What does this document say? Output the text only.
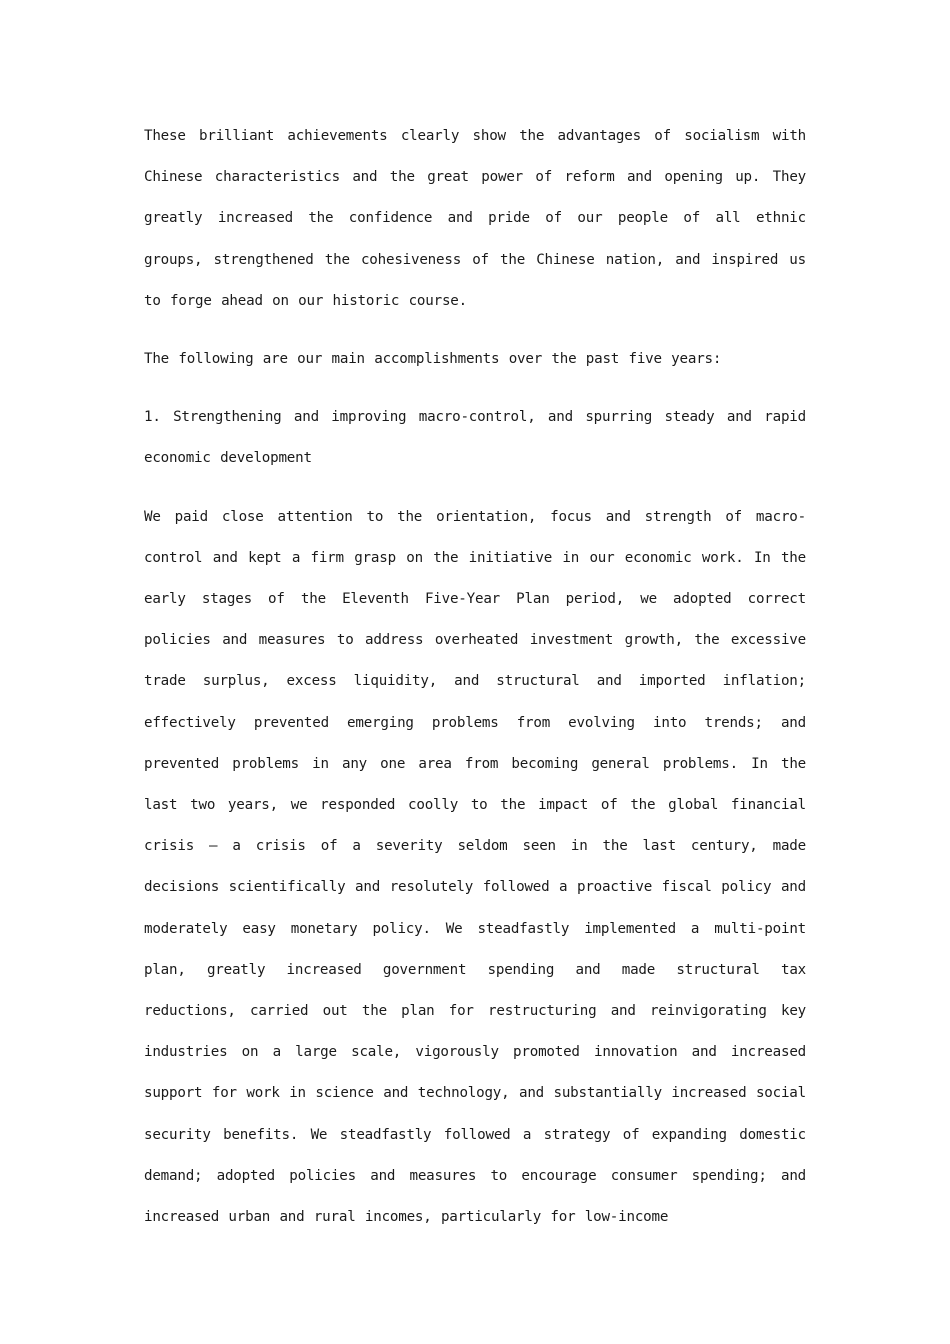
These brilliant achievements clearly show the advantages of socialism with Chinese characteristics and the great power of reform and opening up. They greatly increased the confidence and pride of our people of all ethnic groups, strengthened the cohesiveness of the Chinese nation, and inspired us to forge ahead on our historic course.

The following are our main accomplishments over the past five years:

1. Strengthening and improving macro-control, and spurring steady and rapid economic development

We paid close attention to the orientation, focus and strength of macro-control and kept a firm grasp on the initiative in our economic work. In the early stages of the Eleventh Five-Year Plan period, we adopted correct policies and measures to address overheated investment growth, the excessive trade surplus, excess liquidity, and structural and imported inflation; effectively prevented emerging problems from evolving into trends; and prevented problems in any one area from becoming general problems. In the last two years, we responded coolly to the impact of the global financial crisis – a crisis of a severity seldom seen in the last century, made decisions scientifically and resolutely followed a proactive fiscal policy and moderately easy monetary policy. We steadfastly implemented a multi-point plan, greatly increased government spending and made structural tax reductions, carried out the plan for restructuring and reinvigorating key industries on a large scale, vigorously promoted innovation and increased support for work in science and technology, and substantially increased social security benefits. We steadfastly followed a strategy of expanding domestic demand; adopted policies and measures to encourage consumer spending; and increased urban and rural incomes, particularly for low-income
